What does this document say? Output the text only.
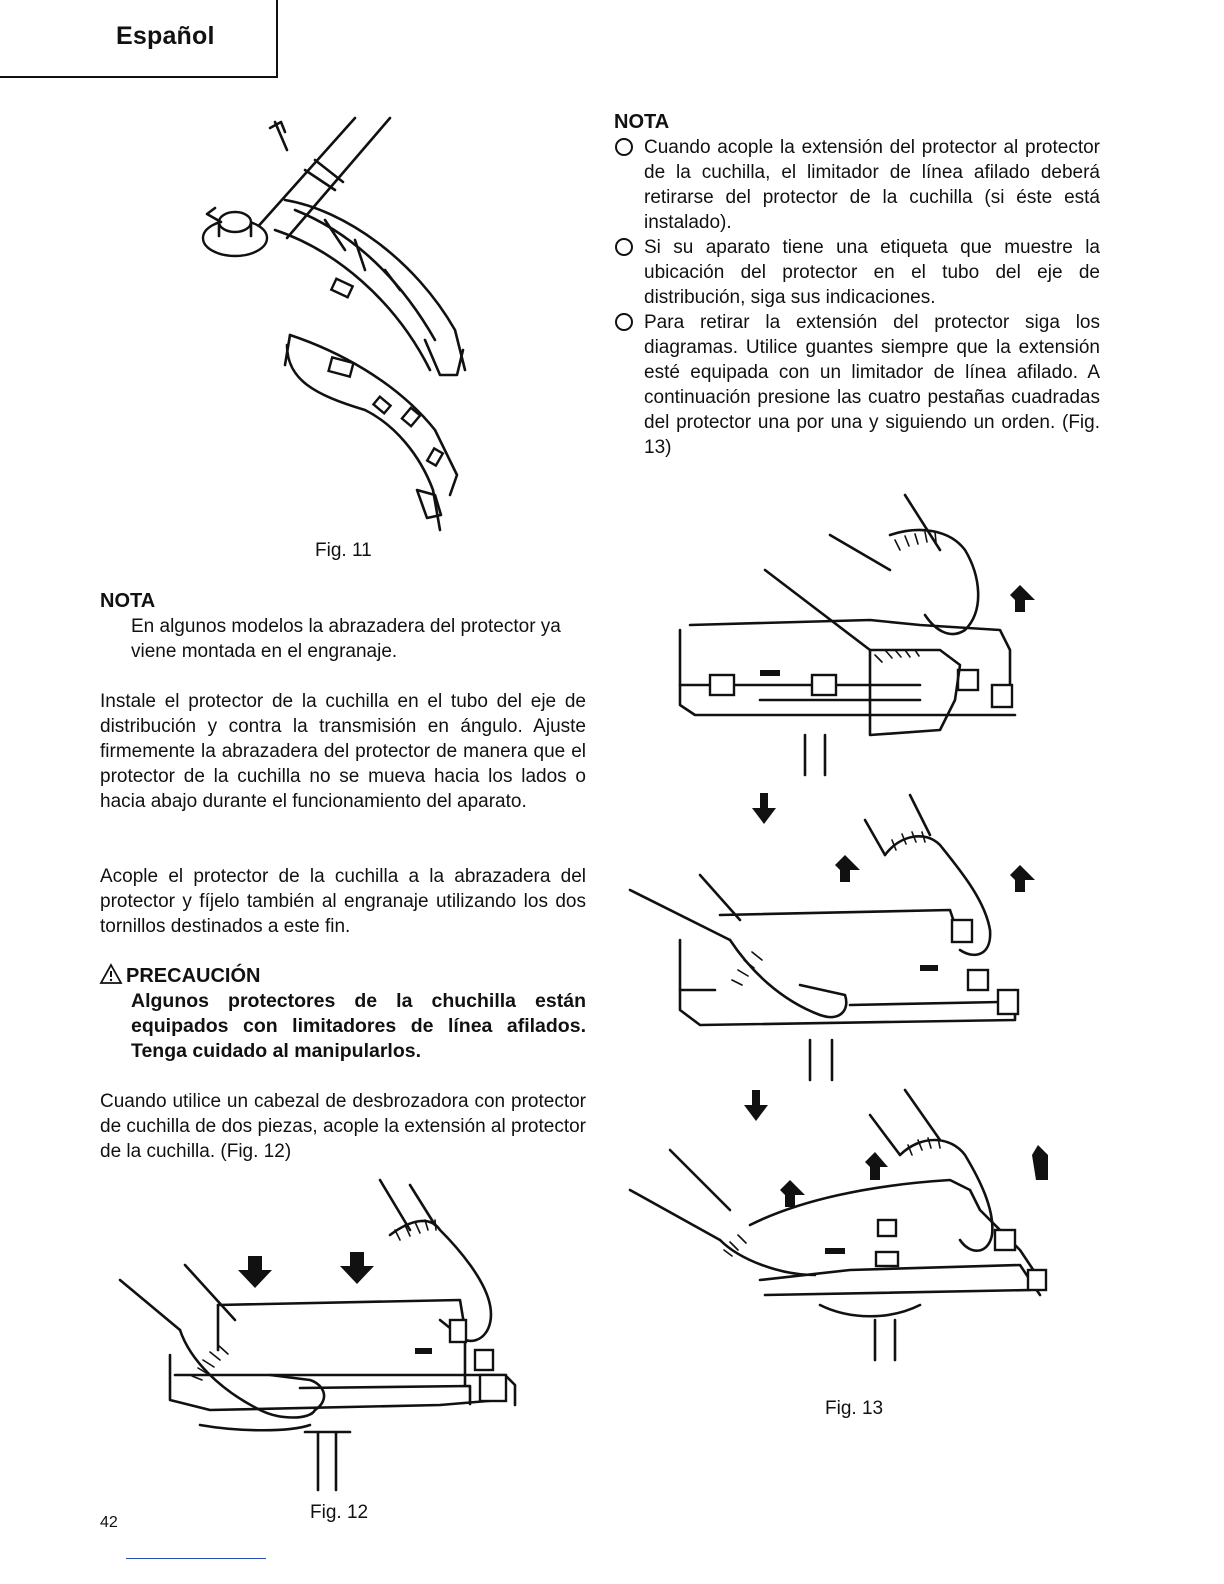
Español
Fig. 11
NOTA
En algunos modelos la abrazadera del protector ya viene montada en el engranaje.
Instale el protector de la cuchilla en el tubo del eje de distribución y contra la transmisión en ángulo. Ajuste firmemente la abrazadera del protector de manera que el protector de la cuchilla no se mueva hacia los lados o hacia abajo durante el funcionamiento del aparato.
Acople el protector de la cuchilla a la abrazadera del protector y fíjelo también al engranaje utilizando los dos tornillos destinados a este fin.
PRECAUCIÓN
Algunos protectores de la chuchilla están equipados con limitadores de línea afilados. Tenga cuidado al manipularlos.
Cuando utilice un cabezal de desbrozadora con protector de cuchilla de dos piezas, acople la extensión al protector de la cuchilla. (Fig. 12)
Fig. 12
NOTA

Cuando acople la extensión del protector al protector de la cuchilla, el limitador de línea afilado deberá retirarse del protector de la cuchilla (si éste está instalado).

Si su aparato tiene una etiqueta que muestre la ubicación del protector en el tubo del eje de distribución, siga sus indicaciones.

Para retirar la extensión del protector siga los diagramas. Utilice guantes siempre que la extensión esté equipada con un limitador de línea afilado. A continuación presione las cuatro pestañas cuadradas del protector una por una y siguiendo un orden. (Fig. 13)

Fig. 13
42
